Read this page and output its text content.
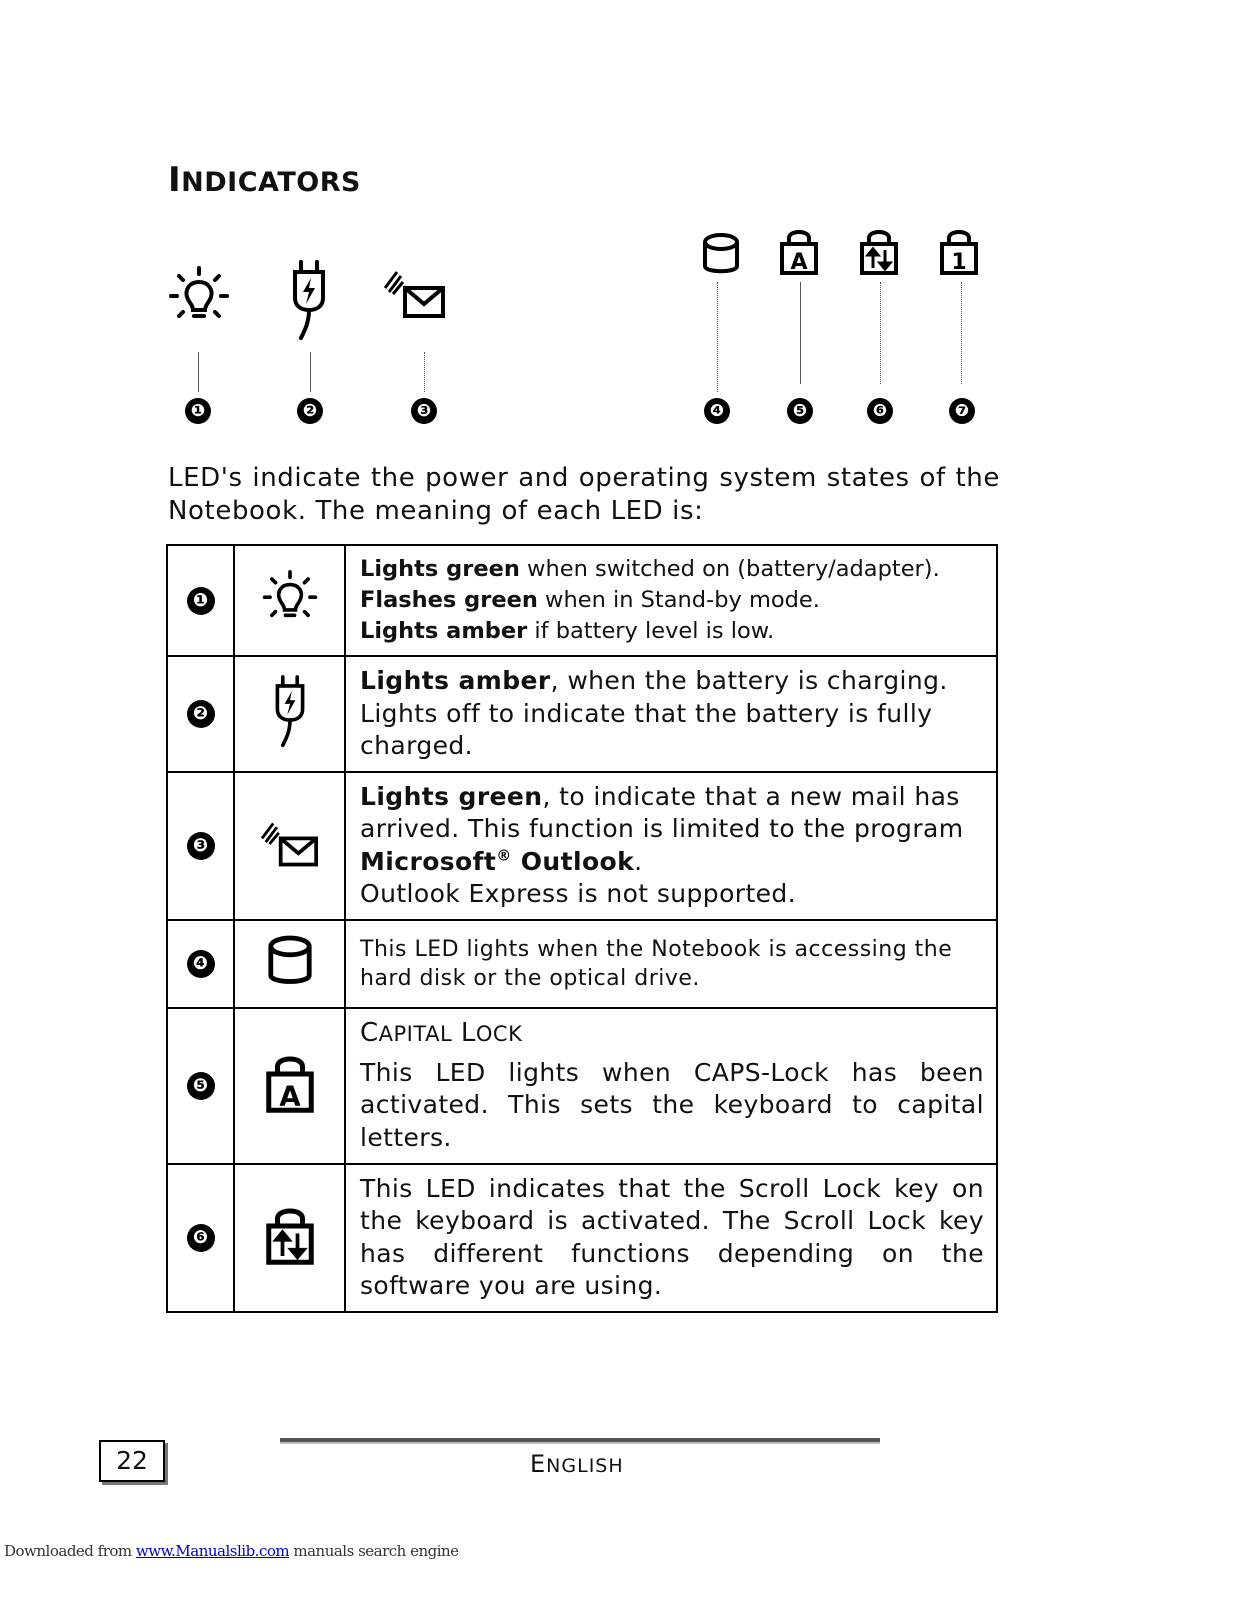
INDICATORS
A	1
❶	❷	❸	❹	❺	❻	❼
LED's indicate the power and operating system states of the Notebook. The meaning of each LED is:
❶		Lights green when switched on (battery/adapter).
Flashes green when in Stand-by mode.
Lights amber if battery level is low.

❷		Lights amber, when the battery is charging. Lights off to indicate that the battery is fully charged.
❸		Lights green, to indicate that a new mail has arrived. This function is limited to the program Microsoft® Outlook.
Outlook Express is not supported.

❹		This LED lights when the Notebook is accessing the hard disk or the optical drive.
❺	A	CAPITAL LOCK
This LED lights when CAPS-Lock has been activated. This sets the keyboard to capital letters.

❻		This LED indicates that the Scroll Lock key on the keyboard is activated. The Scroll Lock key has different functions depending on the software you are using.
22	ENGLISH
Downloaded from www.Manualslib.com manuals search engine
